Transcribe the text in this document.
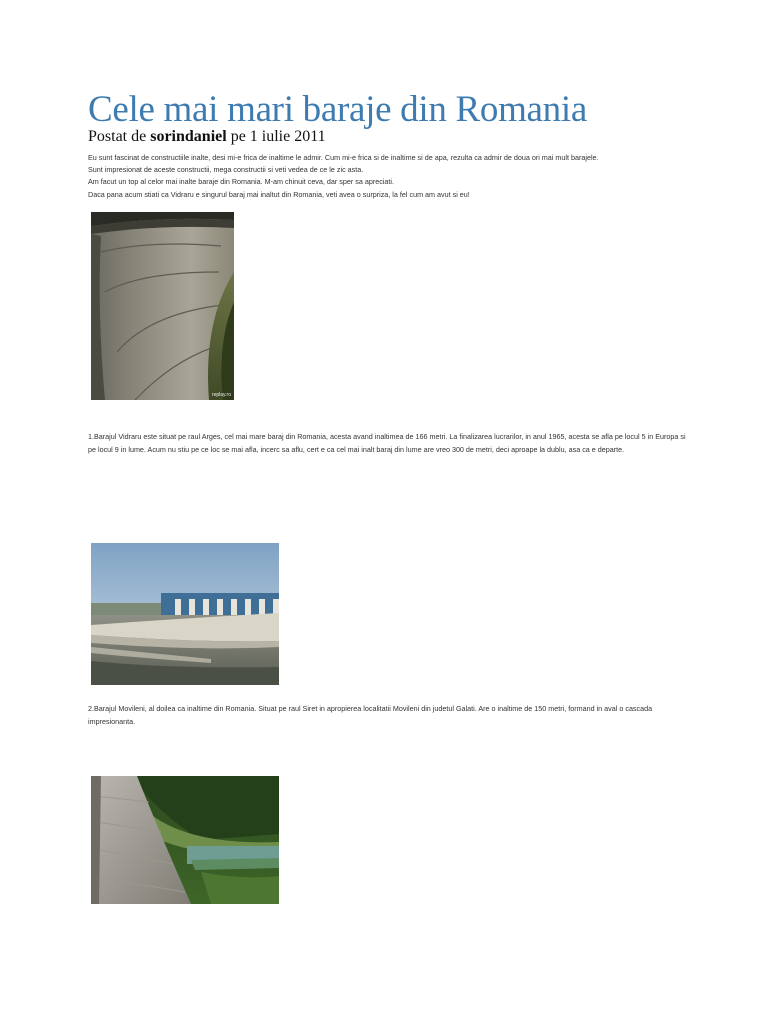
Cele mai mari baraje din Romania

Postat de sorindaniel pe 1 iulie 2011

Eu sunt fascinat de constructiile inalte, desi mi-e frica de inaltime le admir. Cum mi-e frica si de inaltime si de apa, rezulta ca admir de doua ori mai mult barajele.

Sunt impresionat de aceste constructii, mega constructii si veti vedea de ce le zic asta.

Am facut un top al celor mai inalte baraje din Romania. M-am chinuit ceva, dar sper sa apreciati.

Daca pana acum stiati ca Vidraru e singurul baraj mai inaltut din Romania, veti avea o surpriza, la fel cum am avut si eu!

replay.ro

1.Barajul Vidraru este situat pe raul Arges, cel mai mare baraj din Romania, acesta avand inaltimea de 166 metri. La finalizarea lucrarilor, in anul 1965, acesta se afla pe locul 5 in Europa si pe locul 9 in lume. Acum nu stiu pe ce loc se mai afla, incerc sa aflu, cert e ca cel mai inalt baraj din lume are vreo 300 de metri, deci aproape la dublu, asa ca e departe.

2.Barajul Movileni, al doilea ca inaltime din Romania. Situat pe raul Siret in apropierea localitatii Movileni din judetul Galati. Are o inaltime de 150 metri, formand in aval o cascada impresionanta.
